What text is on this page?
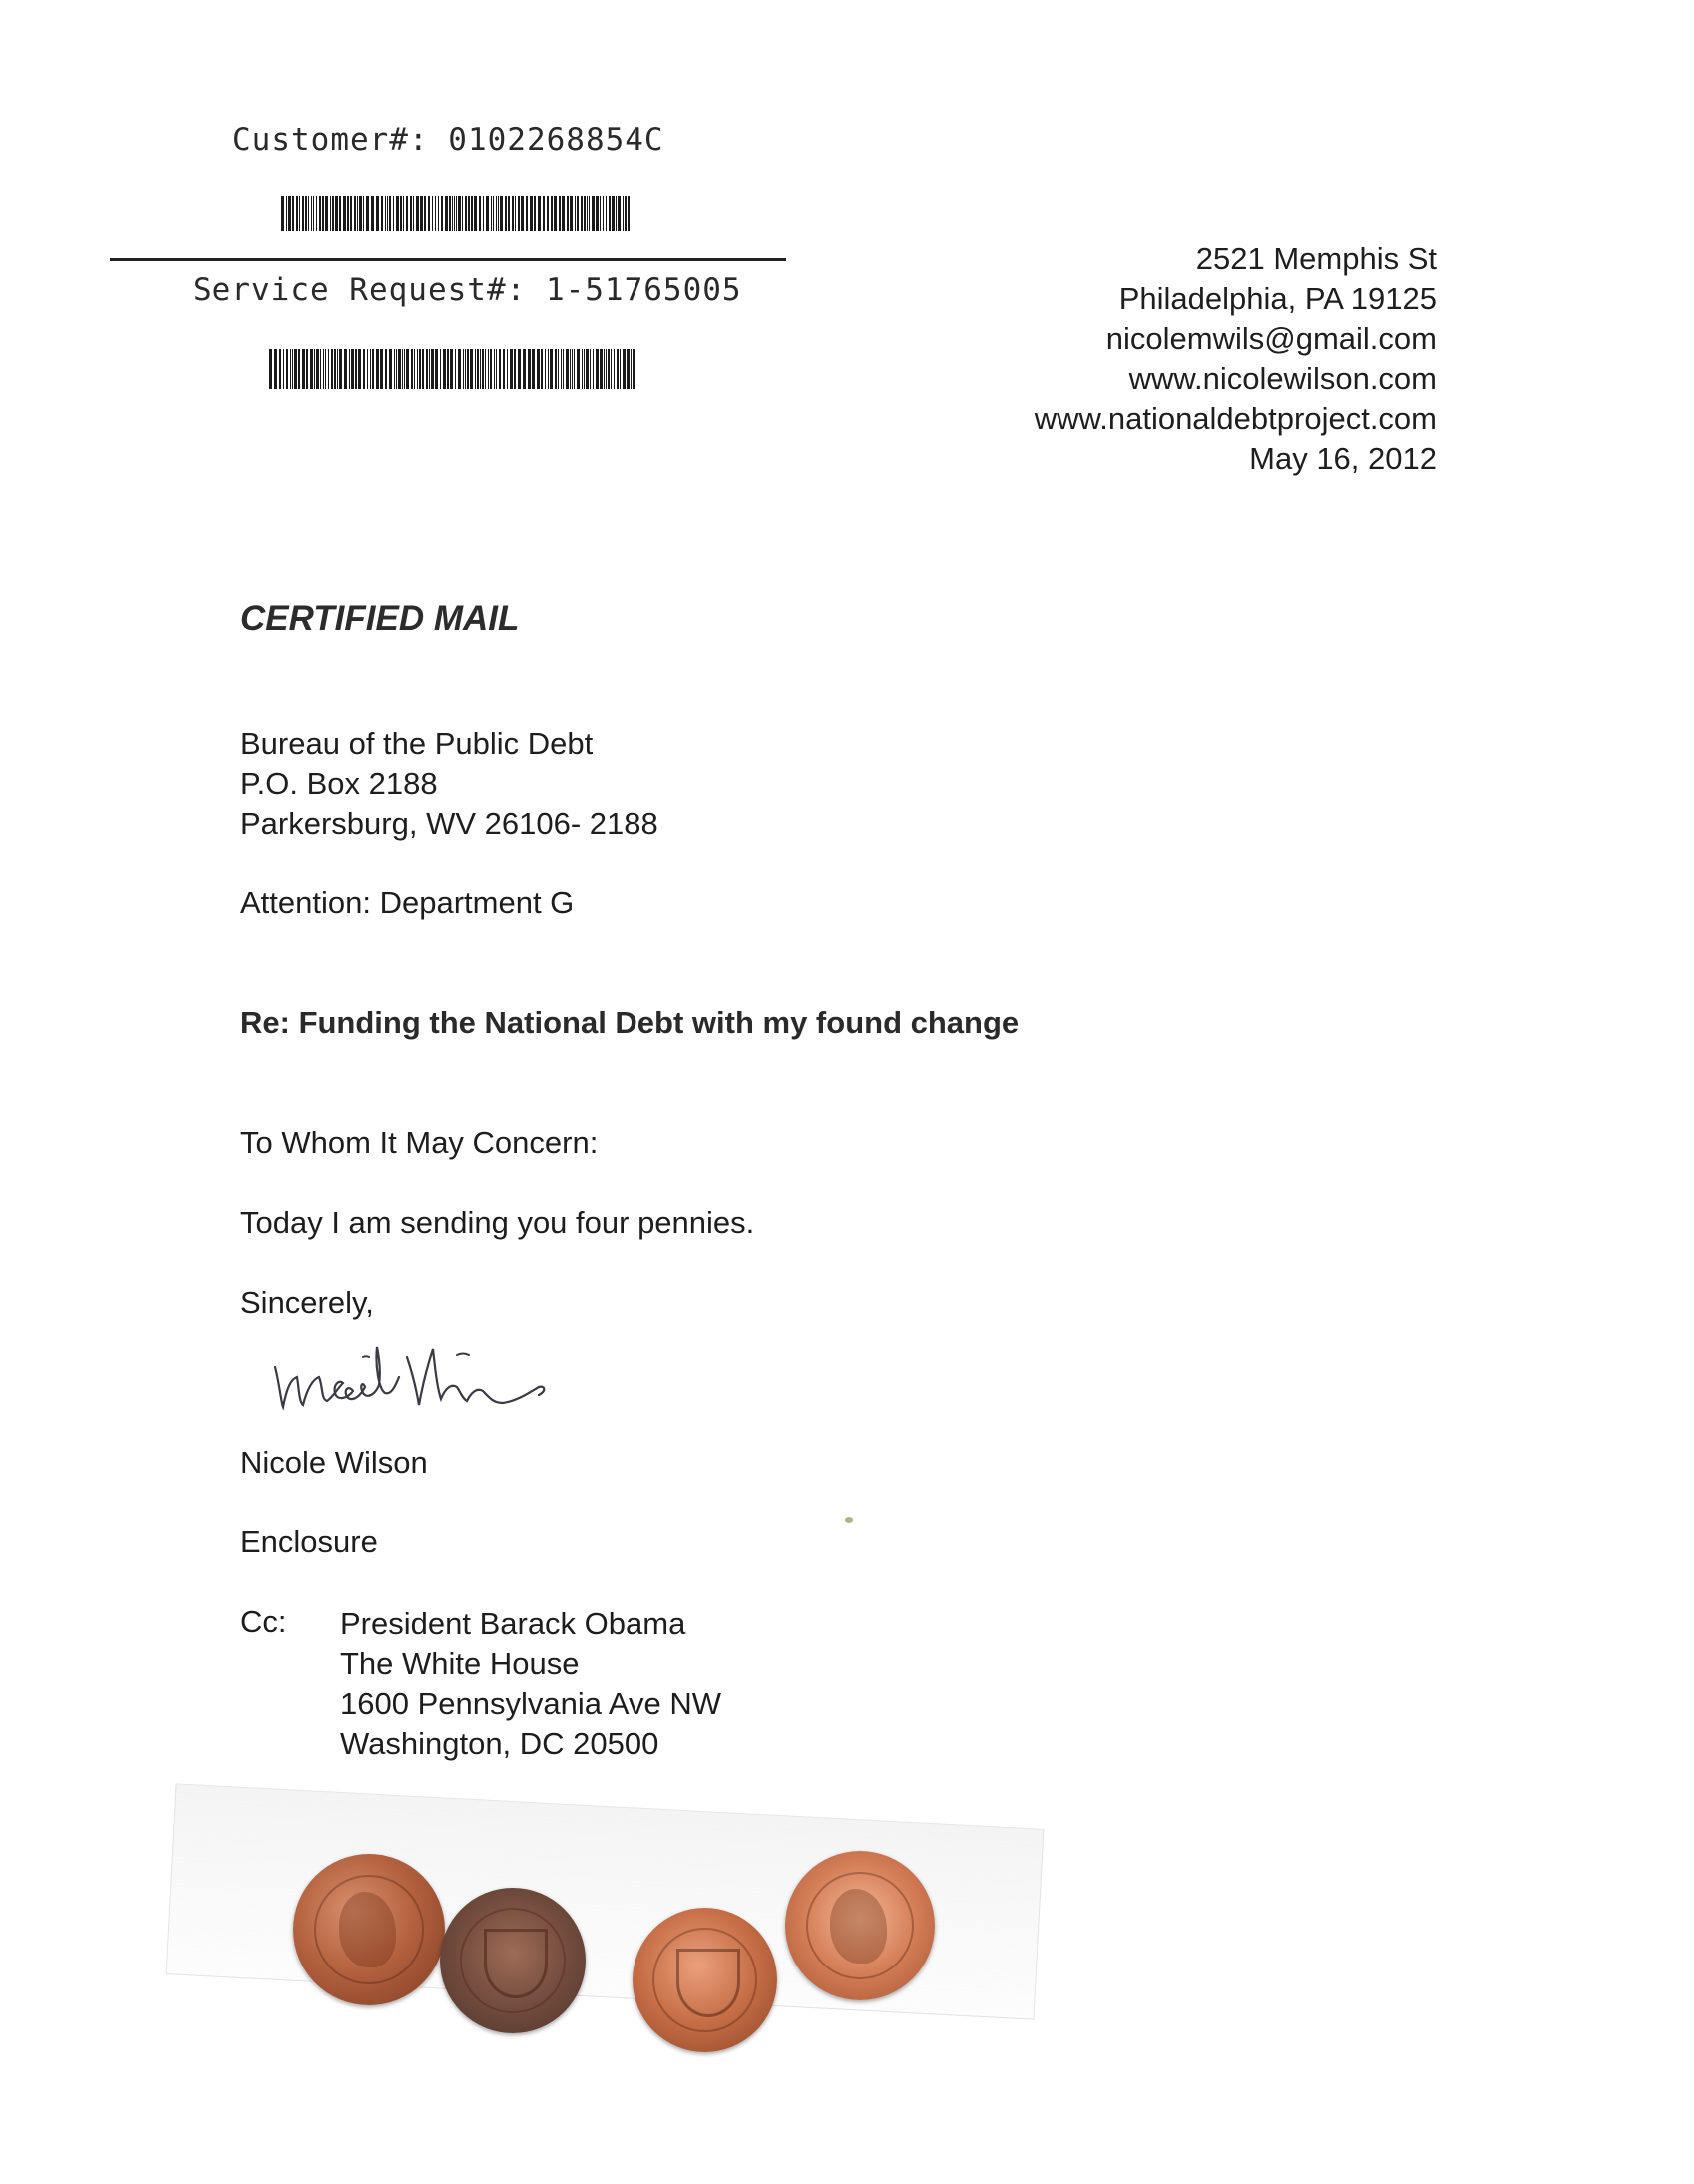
Customer#: 0102268854C
Service Request#: 1-51765005
2521 Memphis St
Philadelphia, PA 19125
nicolemwils@gmail.com
www.nicolewilson.com
www.nationaldebtproject.com
May 16, 2012
CERTIFIED MAIL
Bureau of the Public Debt
P.O. Box 2188
Parkersburg, WV 26106- 2188
Attention: Department G
Re: Funding the National Debt with my found change
To Whom It May Concern:
Today I am sending you four pennies.
Sincerely,
Nicole Wilson
Enclosure
Cc: President Barack Obama
The White House
1600 Pennsylvania Ave NW
Washington, DC 20500
